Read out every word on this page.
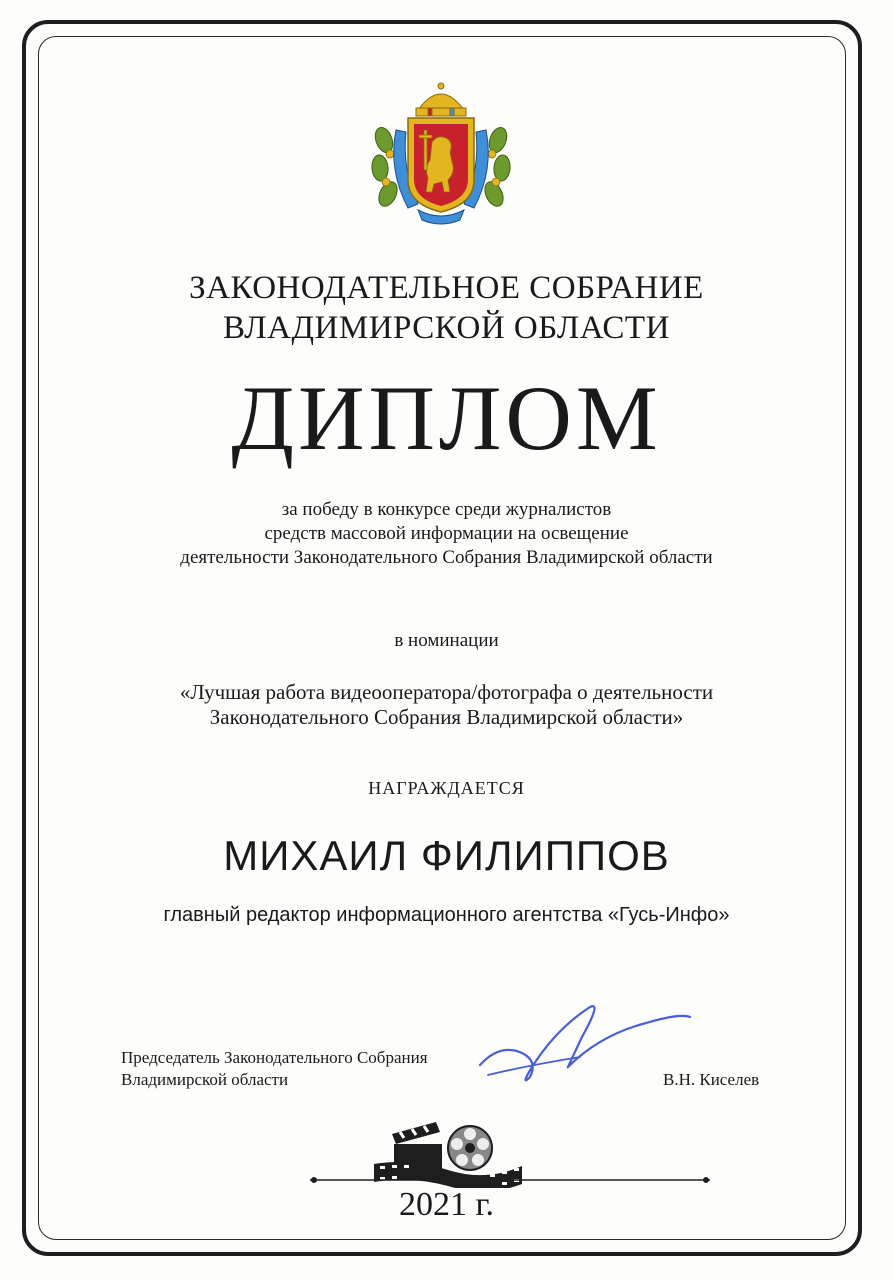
ЗАКОНОДАТЕЛЬНОЕ СОБРАНИЕ
ВЛАДИМИРСКОЙ ОБЛАСТИ
ДИПЛОМ
за победу в конкурсе среди журналистов
средств массовой информации на освещение
деятельности Законодательного Собрания Владимирской области
в номинации
«Лучшая работа видеооператора/фотографа о деятельности
Законодательного Собрания Владимирской области»
НАГРАЖДАЕТСЯ
МИХАИЛ ФИЛИППОВ
главный редактор информационного агентства «Гусь-Инфо»
Председатель Законодательного Собрания
Владимирской области	В.Н. Киселев
2021 г.
